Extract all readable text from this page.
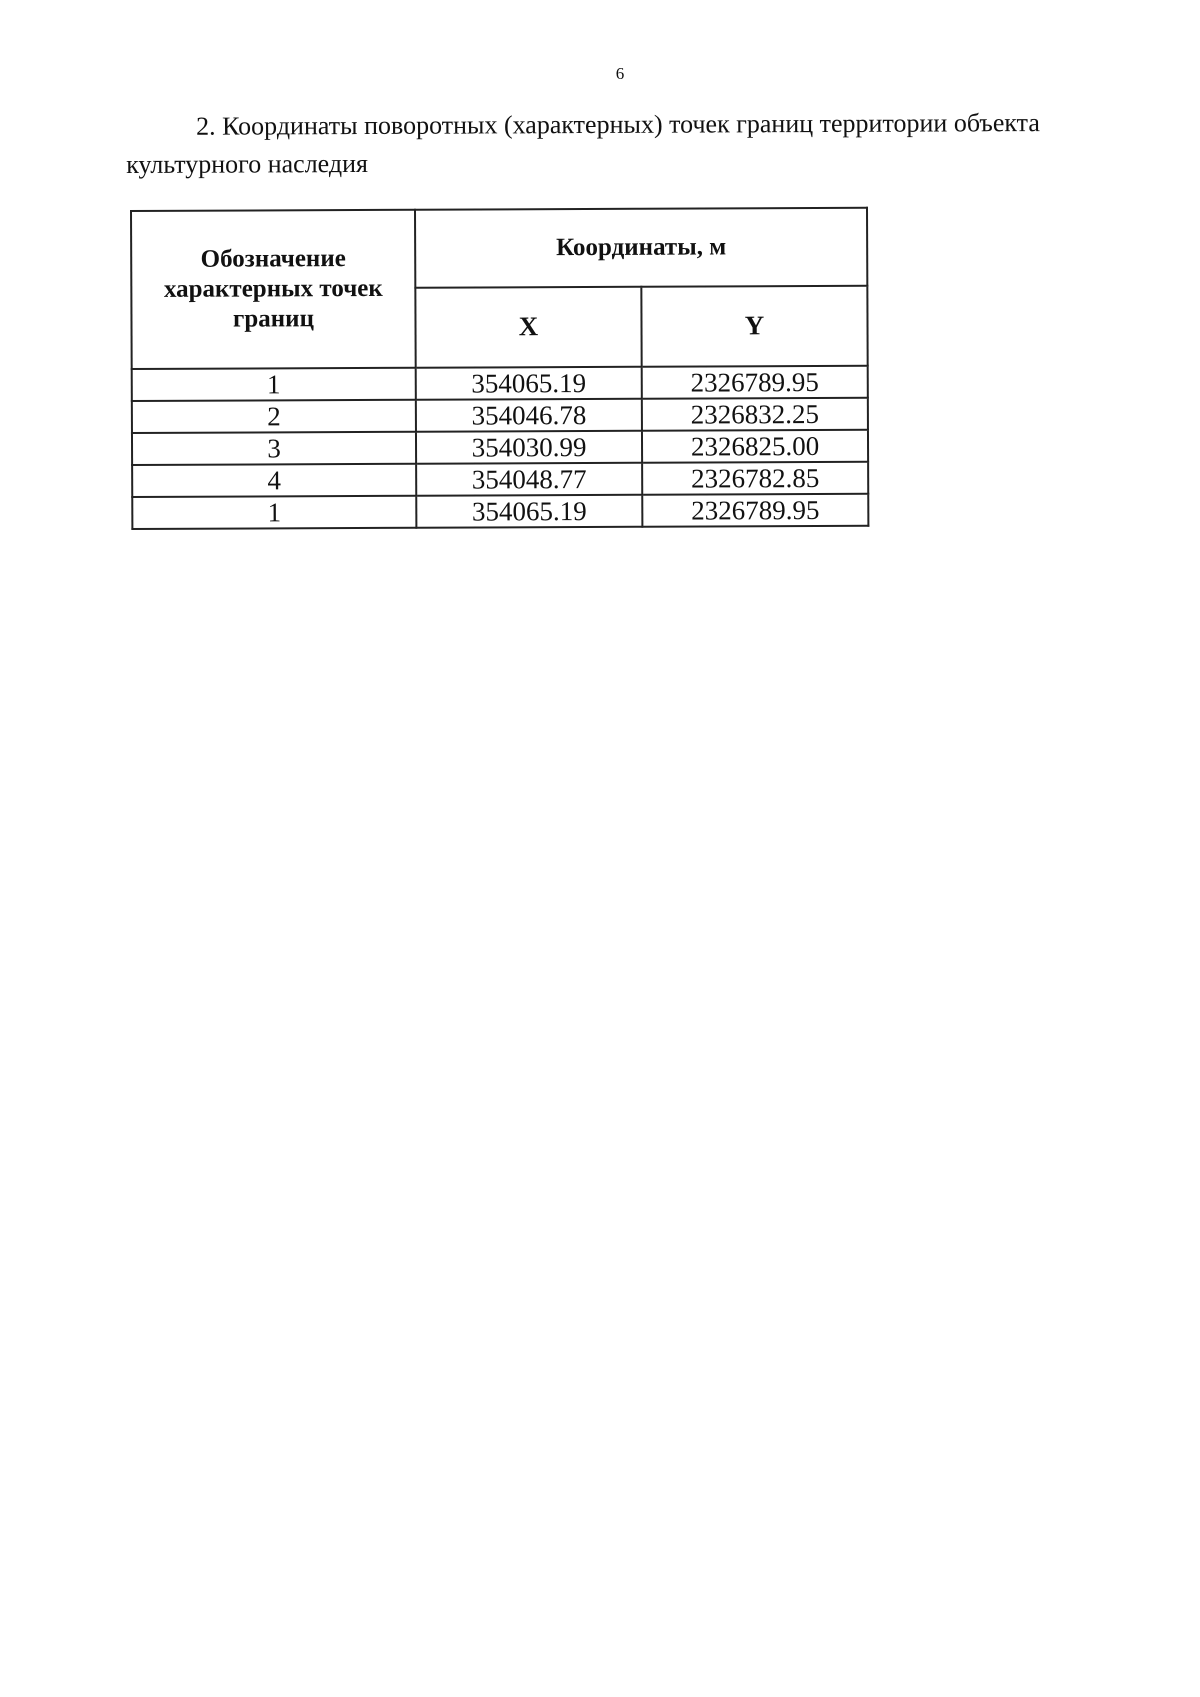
6
2. Координаты поворотных (характерных) точек границ территории объекта
культурного наследия
Обозначение характерных точек границ	Координаты, м	
	X	Y
1	354065.19	2326789.95
2	354046.78	2326832.25
3	354030.99	2326825.00
4	354048.77	2326782.85
1	354065.19	2326789.95
